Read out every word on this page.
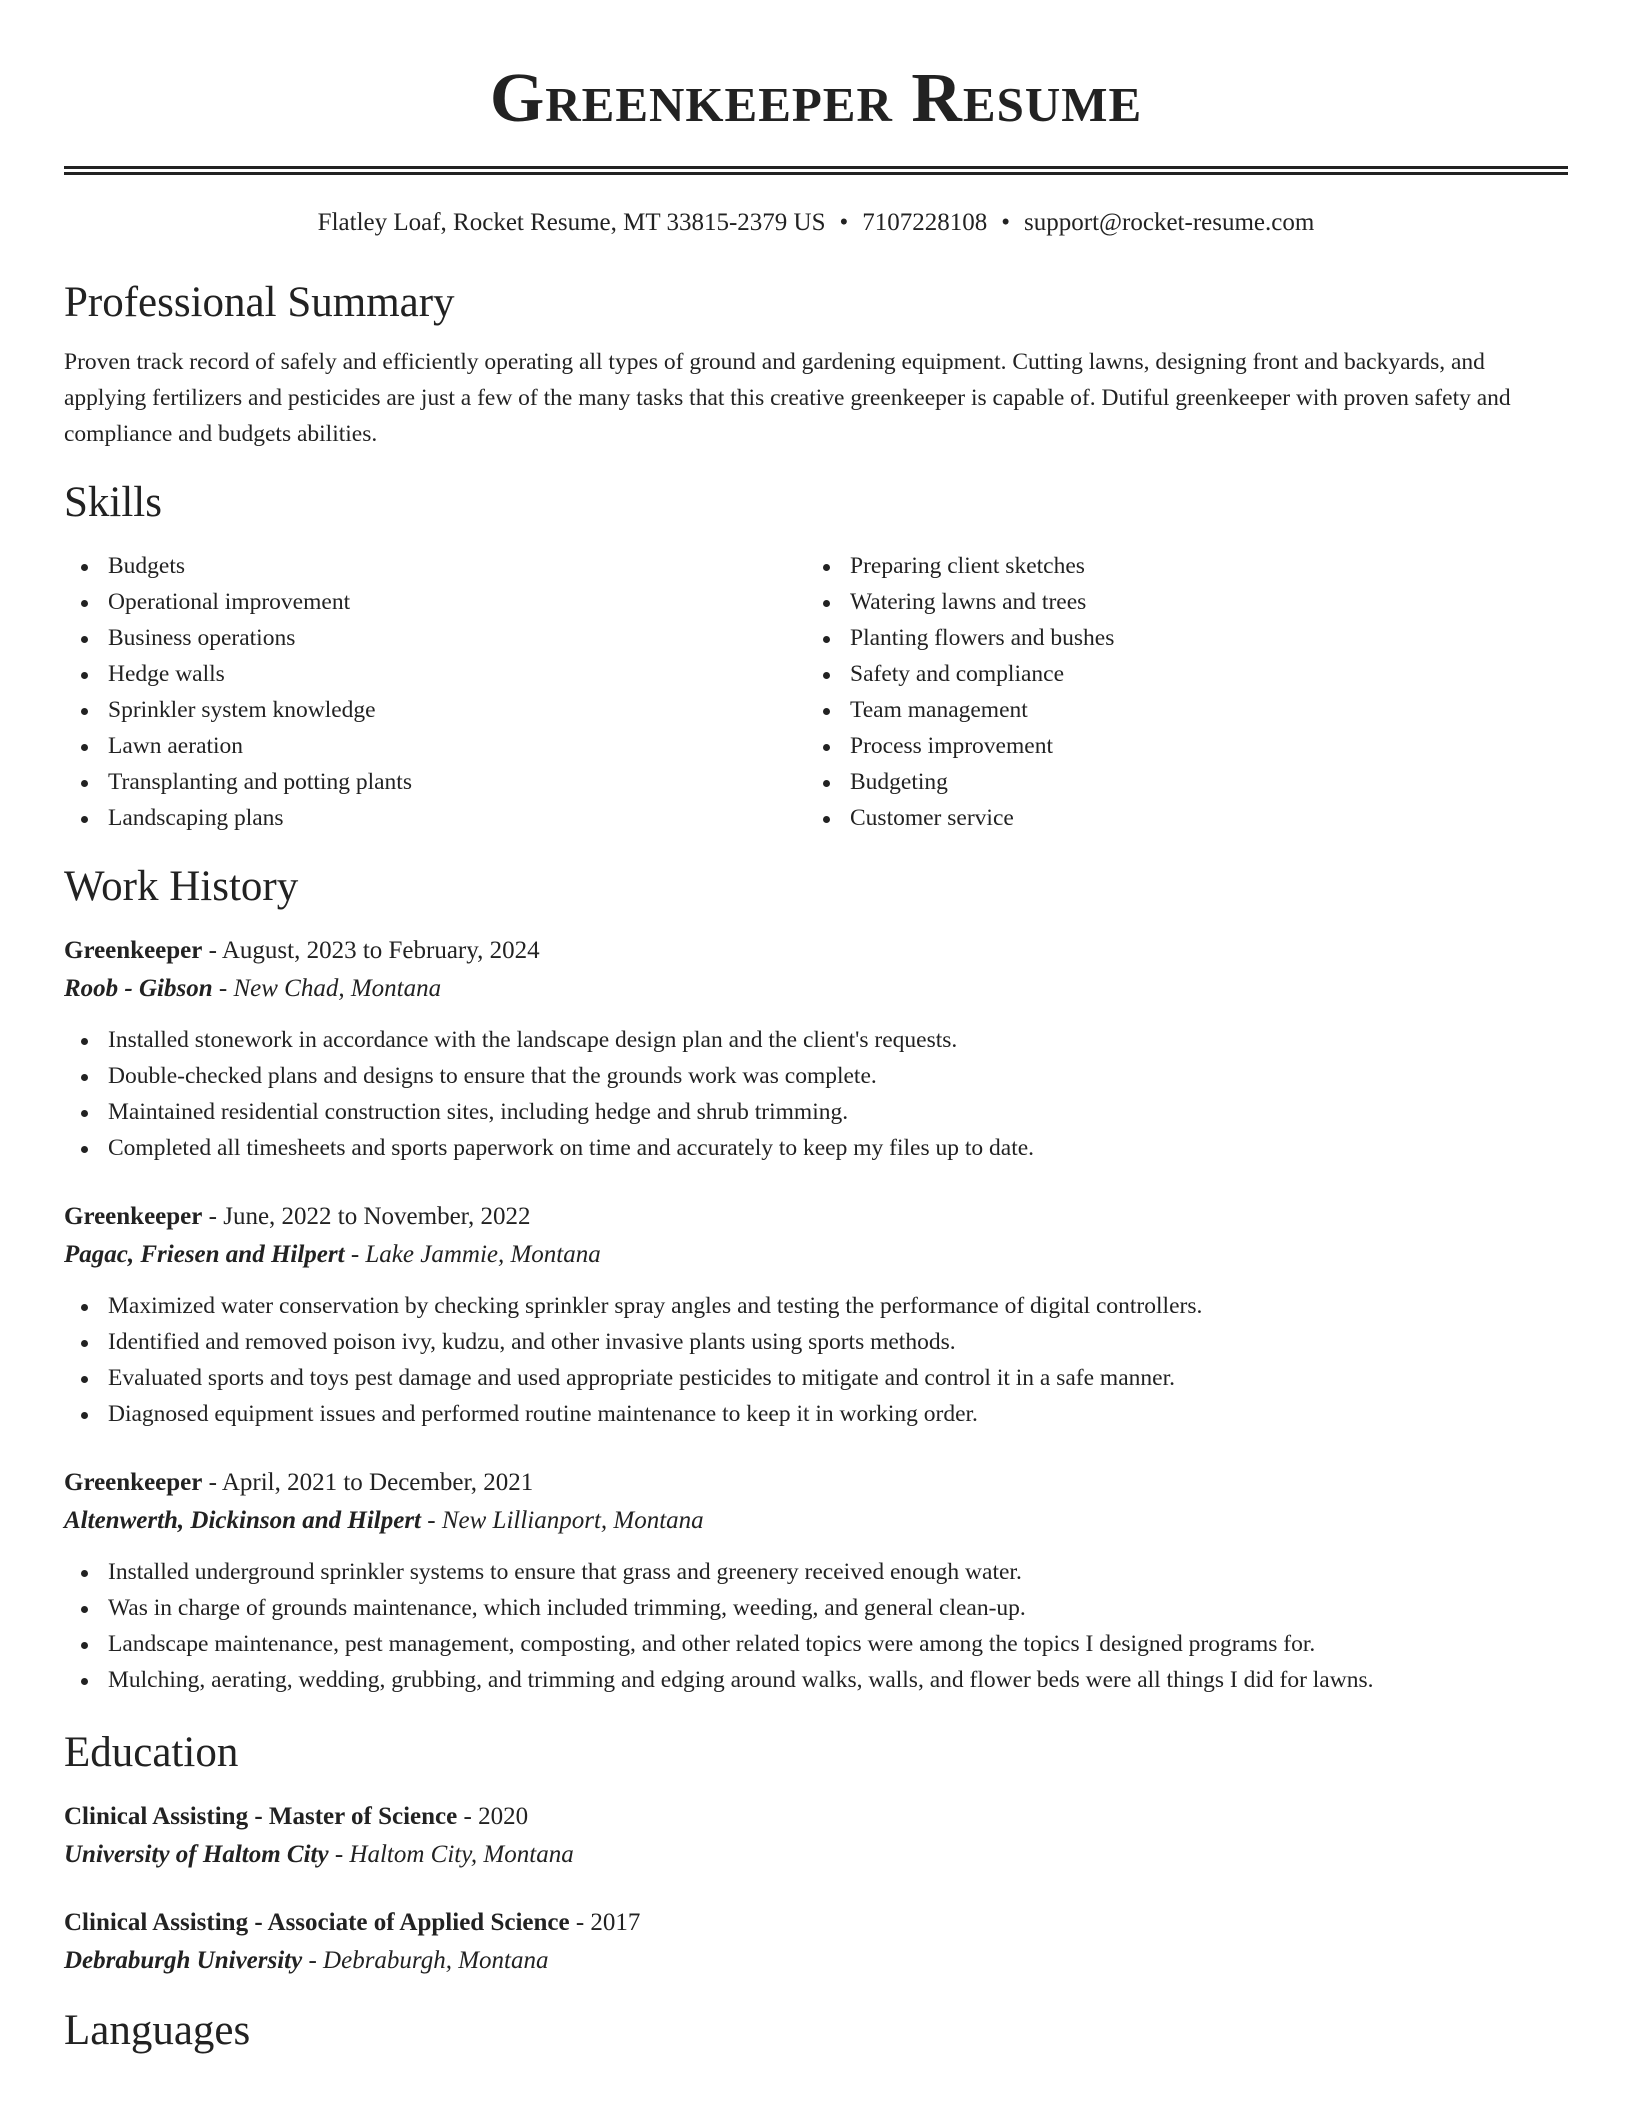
Greenkeeper Resume
Flatley Loaf, Rocket Resume, MT 33815-2379 US • 7107228108 • support@rocket-resume.com
Professional Summary

Proven track record of safely and efficiently operating all types of ground and gardening equipment. Cutting lawns, designing front and backyards, and applying fertilizers and pesticides are just a few of the many tasks that this creative greenkeeper is capable of. Dutiful greenkeeper with proven safety and compliance and budgets abilities.

Skills
Budgets
Operational improvement
Business operations
Hedge walls
Sprinkler system knowledge
Lawn aeration
Transplanting and potting plants
Landscaping plans
Preparing client sketches
Watering lawns and trees
Planting flowers and bushes
Safety and compliance
Team management
Process improvement
Budgeting
Customer service
Work History
Greenkeeper - August, 2023 to February, 2024
Roob - Gibson - New Chad, Montana
Installed stonework in accordance with the landscape design plan and the client's requests.
Double-checked plans and designs to ensure that the grounds work was complete.
Maintained residential construction sites, including hedge and shrub trimming.
Completed all timesheets and sports paperwork on time and accurately to keep my files up to date.
Greenkeeper - June, 2022 to November, 2022
Pagac, Friesen and Hilpert - Lake Jammie, Montana
Maximized water conservation by checking sprinkler spray angles and testing the performance of digital controllers.
Identified and removed poison ivy, kudzu, and other invasive plants using sports methods.
Evaluated sports and toys pest damage and used appropriate pesticides to mitigate and control it in a safe manner.
Diagnosed equipment issues and performed routine maintenance to keep it in working order.
Greenkeeper - April, 2021 to December, 2021
Altenwerth, Dickinson and Hilpert - New Lillianport, Montana
Installed underground sprinkler systems to ensure that grass and greenery received enough water.
Was in charge of grounds maintenance, which included trimming, weeding, and general clean-up.
Landscape maintenance, pest management, composting, and other related topics were among the topics I designed programs for.
Mulching, aerating, wedding, grubbing, and trimming and edging around walks, walls, and flower beds were all things I did for lawns.
Education
Clinical Assisting - Master of Science - 2020
University of Haltom City - Haltom City, Montana
Clinical Assisting - Associate of Applied Science - 2017
Debraburgh University - Debraburgh, Montana
Languages
